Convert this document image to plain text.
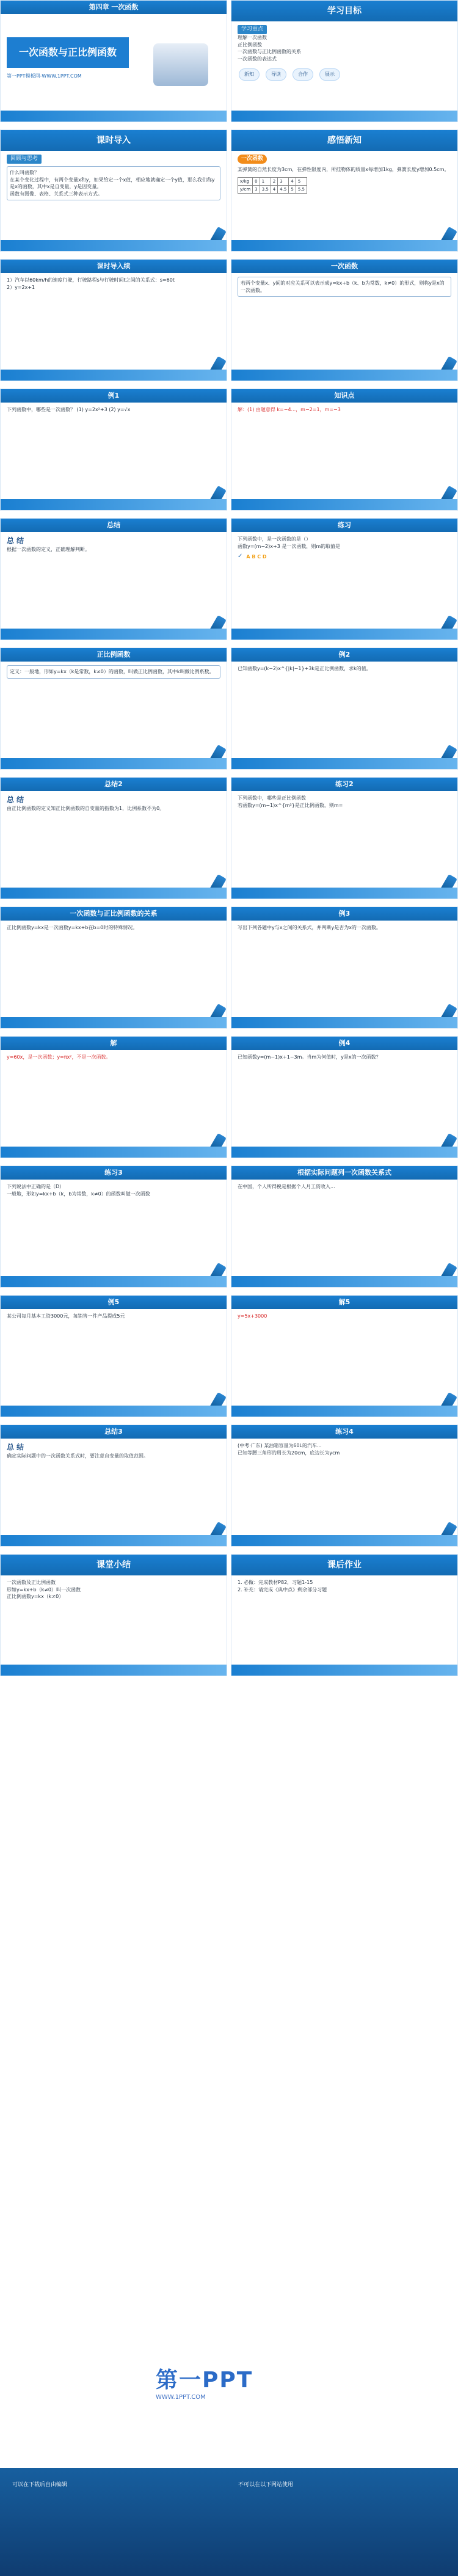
第四章 一次函数
一次函数与正比例函数
第一PPT模板网-WWW.1PPT.COM
学习目标
学习重点
理解一次函数
正比例函数
一次函数与正比例函数的关系
一次函数的表达式
新知	导读	合作	展示
课时导入
回顾与思考
什么叫函数？
在某个变化过程中，有两个变量x和y，如果给定一个x值，相应地就确定一个y值，那么我们称y是x的函数，其中x是自变量，y是因变量。
函数有图像、表格、关系式三种表示方式。
感悟新知
一次函数
某弹簧的自然长度为3cm，在弹性限度内，所挂物体的质量x每增加1kg，弹簧长度y增加0.5cm。
x/kg	0	1	2	3	4	5
y/cm	3	3.5	4	4.5	5	5.5
课时导入续
1）汽车以60km/h的速度行驶，行驶路程s与行驶时间t之间的关系式：s=60t
2）y=2x+1
一次函数
若两个变量x、y间的对应关系可以表示成y=kx+b（k、b为常数，k≠0）的形式，则称y是x的一次函数。
例1
下列函数中，哪些是一次函数？ (1) y=2x²+3 (2) y=√x
知识点
解：(1) 由题意得 k=−4...，m−2=1，m=−3
总结
总 结
根据一次函数的定义，正确理解判断。
练习
下列函数中，是一次函数的是（）
函数y=(m−2)x+3 是一次函数，则m的取值是
✓ A B C D
正比例函数
定义：一般地，形如y=kx（k是常数，k≠0）的函数，叫做正比例函数，其中k叫做比例系数。
例2
已知函数y=(k−2)x^{|k|−1}+3k是正比例函数，求k的值。
总结2
总 结
由正比例函数的定义知正比例函数的自变量的指数为1，比例系数不为0。
练习2
下列函数中，哪些是正比例函数
若函数y=(m−1)x^{m²}是正比例函数，则m=
一次函数与正比例函数的关系
正比例函数y=kx是一次函数y=kx+b在b=0时的特殊情况。
例3
写出下列各题中y与x之间的关系式，并判断y是否为x的一次函数。
解
y=60x，是一次函数；y=πx²，不是一次函数。
例4
已知函数y=(m−1)x+1−3m。当m为何值时，y是x的一次函数？
练习3
下列说法中正确的是（D）
一般地，形如y=kx+b（k，b为常数，k≠0）的函数叫做一次函数
根据实际问题列一次函数关系式
在中国，个人所得税是根据个人月工资收入...
例5
某公司每月基本工资3000元，每销售一件产品提成5元
解5
y=5x+3000
总结3
总 结
确定实际问题中的一次函数关系式时，要注意自变量的取值范围。
练习4
(中考·广东) 某油箱容量为60L的汽车...
已知等腰三角形的周长为20cm，底边长为ycm
课堂小结
一次函数及正比例函数
形如y=kx+b（k≠0）叫一次函数
正比例函数y=kx（k≠0）
课后作业
1. 必做：完成教材P82，习题1-15
2. 补充：请完成《典中点》剩余部分习题
第一PPT
WWW.1PPT.COM
可以在下载后自由编辑	不可以在以下网站使用
